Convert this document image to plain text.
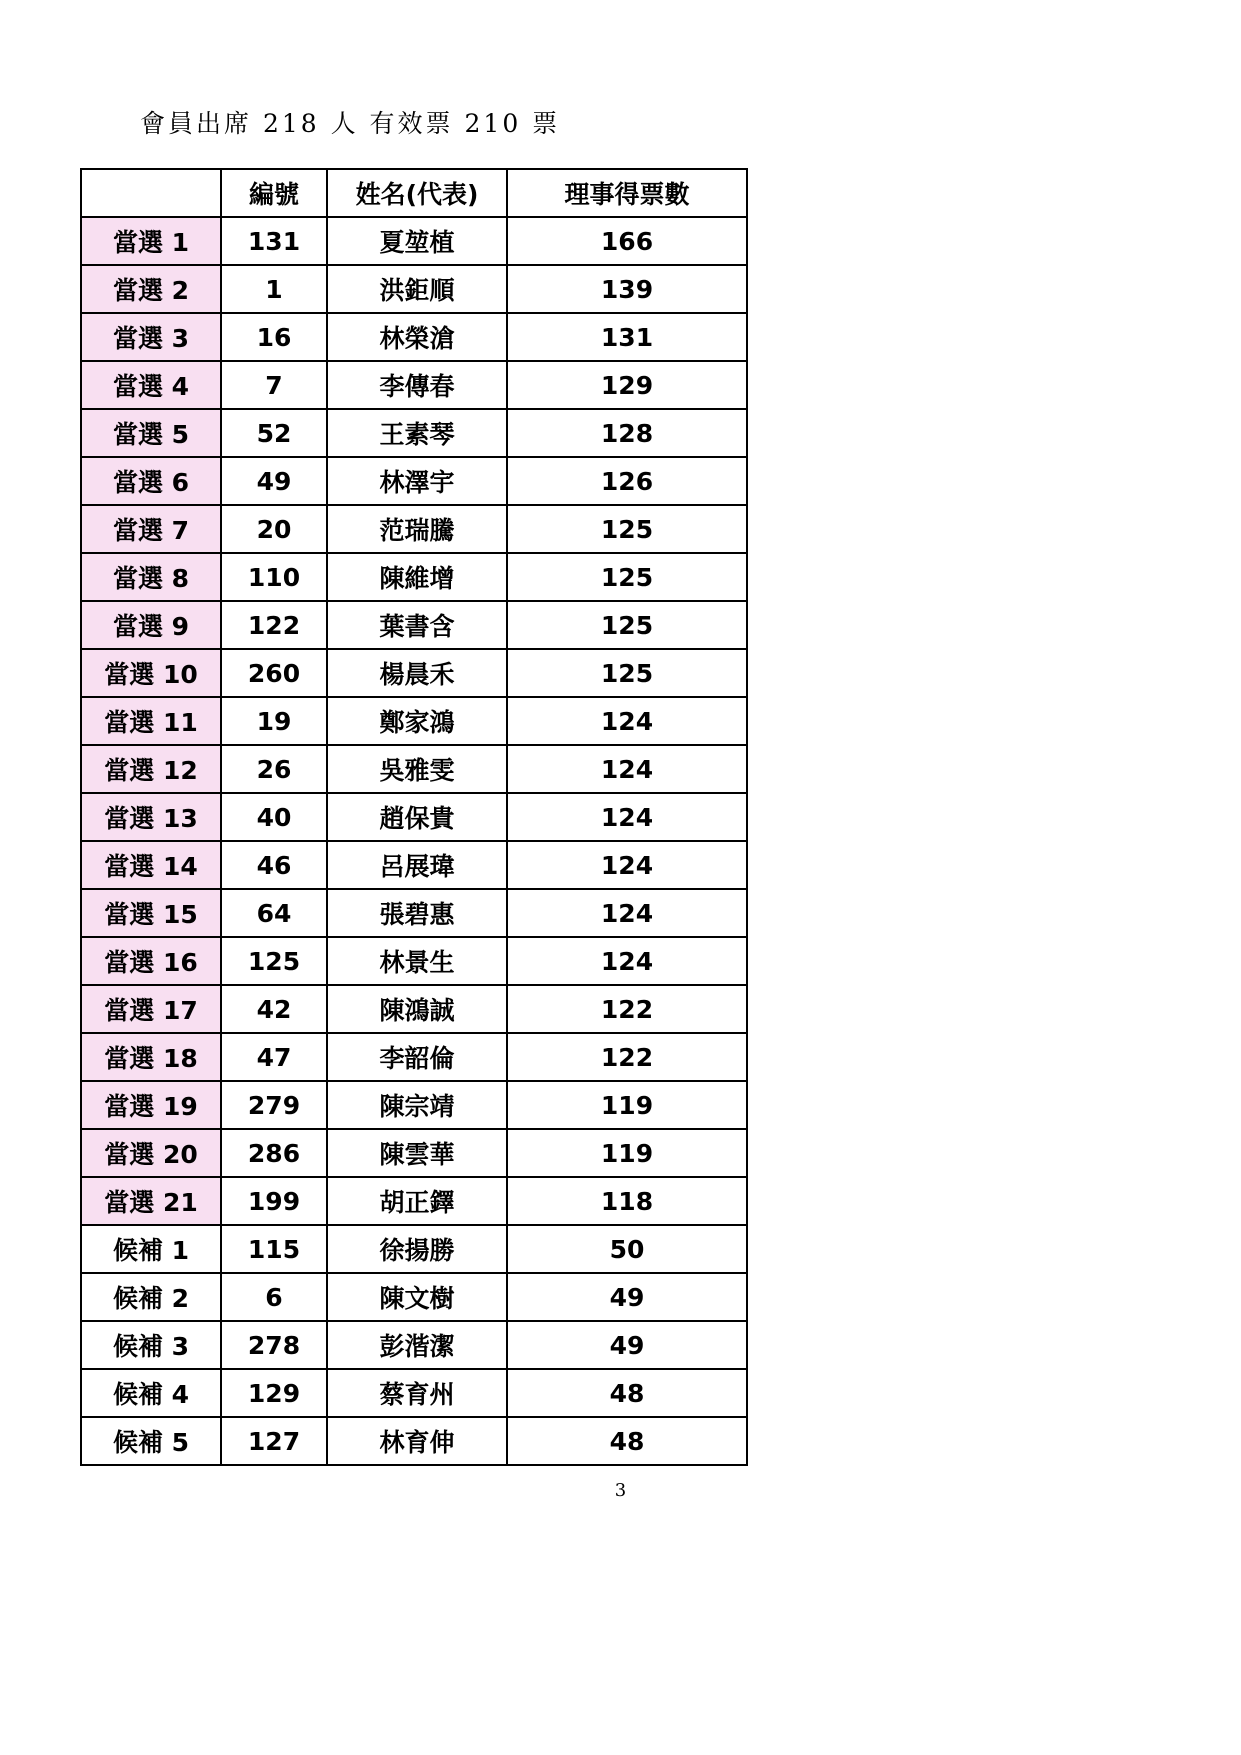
會員出席 218 人 有效票 210 票
	編號	姓名(代表)	理事得票數
當選 1	131	夏堃植	166
當選 2	1	洪鉅順	139
當選 3	16	林榮滄	131
當選 4	7	李傳春	129
當選 5	52	王素琴	128
當選 6	49	林澤宇	126
當選 7	20	范瑞騰	125
當選 8	110	陳維增	125
當選 9	122	葉書含	125
當選 10	260	楊晨禾	125
當選 11	19	鄭家鴻	124
當選 12	26	吳雅雯	124
當選 13	40	趙保貴	124
當選 14	46	呂展瑋	124
當選 15	64	張碧惠	124
當選 16	125	林景生	124
當選 17	42	陳鴻誠	122
當選 18	47	李韶倫	122
當選 19	279	陳宗靖	119
當選 20	286	陳雲華	119
當選 21	199	胡正鐸	118
候補 1	115	徐揚勝	50
候補 2	6	陳文樹	49
候補 3	278	彭湝潔	49
候補 4	129	蔡育州	48
候補 5	127	林育伸	48
3
